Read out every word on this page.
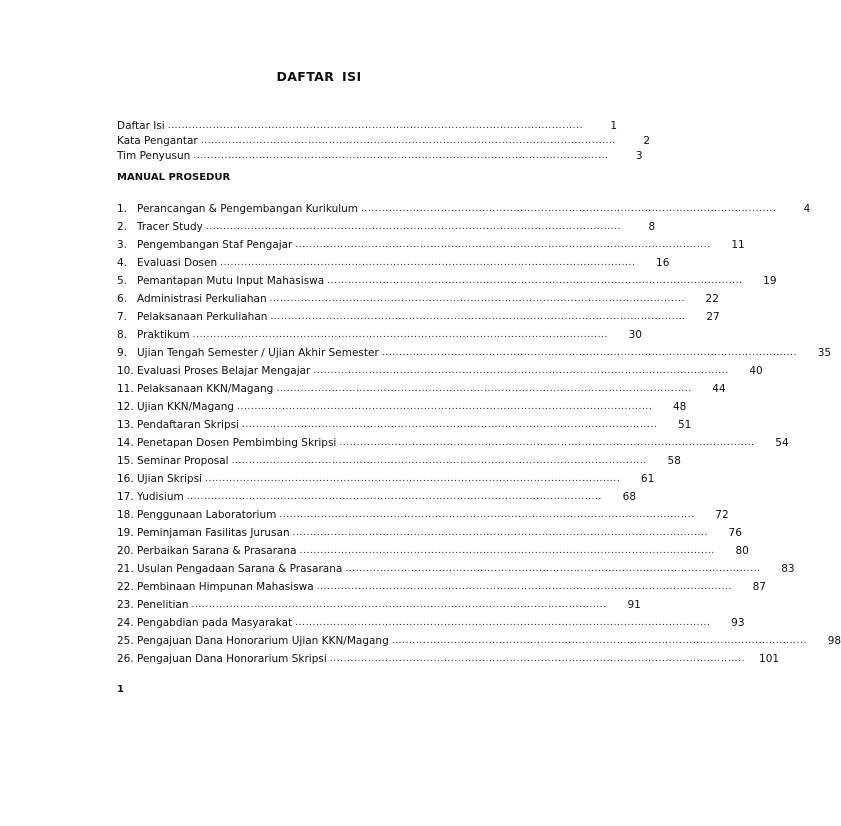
DAFTAR ISI
Daftar Isi ........................................................................................................................	1
Kata Pengantar ........................................................................................................................	2
Tim Penyusun ........................................................................................................................	3
MANUAL PROSEDUR
1. Perancangan & Pengembangan Kurikulum ........................................................................................................................	4
2. Tracer Study ........................................................................................................................	8
3. Pengembangan Staf Pengajar ........................................................................................................................	11
4. Evaluasi Dosen ........................................................................................................................	16
5. Pemantapan Mutu Input Mahasiswa ........................................................................................................................	19
6. Administrasi Perkuliahan ........................................................................................................................	22
7. Pelaksanaan Perkuliahan ........................................................................................................................	27
8. Praktikum ........................................................................................................................	30
9. Ujian Tengah Semester / Ujian Akhir Semester ........................................................................................................................	35
10. Evaluasi Proses Belajar Mengajar ........................................................................................................................	40
11. Pelaksanaan KKN/Magang ........................................................................................................................	44
12. Ujian KKN/Magang ........................................................................................................................	48
13. Pendaftaran Skripsi ........................................................................................................................	51
14. Penetapan Dosen Pembimbing Skripsi ........................................................................................................................	54
15. Seminar Proposal ........................................................................................................................	58
16. Ujian Skripsi ........................................................................................................................	61
17. Yudisium ........................................................................................................................	68
18. Penggunaan Laboratorium ........................................................................................................................	72
19. Peminjaman Fasilitas Jurusan ........................................................................................................................	76
20. Perbaikan Sarana & Prasarana ........................................................................................................................	80
21. Usulan Pengadaan Sarana & Prasarana ........................................................................................................................	83
22. Pembinaan Himpunan Mahasiswa ........................................................................................................................	87
23. Penelitian ........................................................................................................................	91
24. Pengabdian pada Masyarakat ........................................................................................................................	93
25. Pengajuan Dana Honorarium Ujian KKN/Magang ........................................................................................................................	98
26. Pengajuan Dana Honorarium Skripsi ........................................................................................................................	101
1
